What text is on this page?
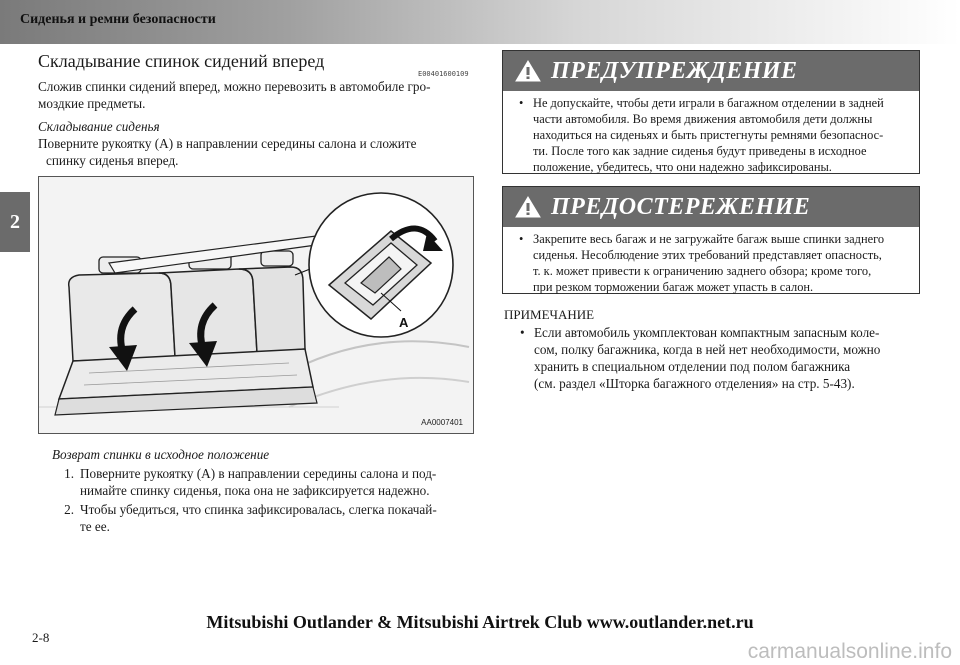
Сиденья и ремни безопасности
2
E00401600109
Складывание спинок сидений вперед

Сложив спинки сидений вперед, можно перевозить в автомобиле гро-
моздкие предметы.

Складывание сиденья

Поверните рукоятку (A) в направлении середины салона и сложите
спинку сиденья вперед.

A
AA0007401

Возврат спинки в исходное положение

1. Поверните рукоятку (A) в направлении середины салона и под-
нимайте спинку сиденья, пока она не зафиксируется надежно.
2. Чтобы убедиться, что спинка зафиксировалась, слегка покачай-
те ее.
ПРЕДУПРЕЖДЕНИЕ
• Не допускайте, чтобы дети играли в багажном отделении в задней
части автомобиля. Во время движения автомобиля дети должны
находиться на сиденьях и быть пристегнуты ремнями безопаснос-
ти. После того как задние сиденья будут приведены в исходное
положение, убедитесь, что они надежно зафиксированы.
ПРЕДОСТЕРЕЖЕНИЕ
• Закрепите весь багаж и не загружайте багаж выше спинки заднего
сиденья. Несоблюдение этих требований представляет опасность,
т. к. может привести к ограничению заднего обзора; кроме того,
при резком торможении багаж может упасть в салон.

ПРИМЕЧАНИЕ

• Если автомобиль укомплектован компактным запасным коле-
сом, полку багажника, когда в ней нет необходимости, можно
хранить в специальном отделении под полом багажника
(см. раздел «Шторка багажного отделения» на стр. 5-43).
Mitsubishi Outlander & Mitsubishi Airtrek Club www.outlander.net.ru
2-8
carmanualsonline.info
